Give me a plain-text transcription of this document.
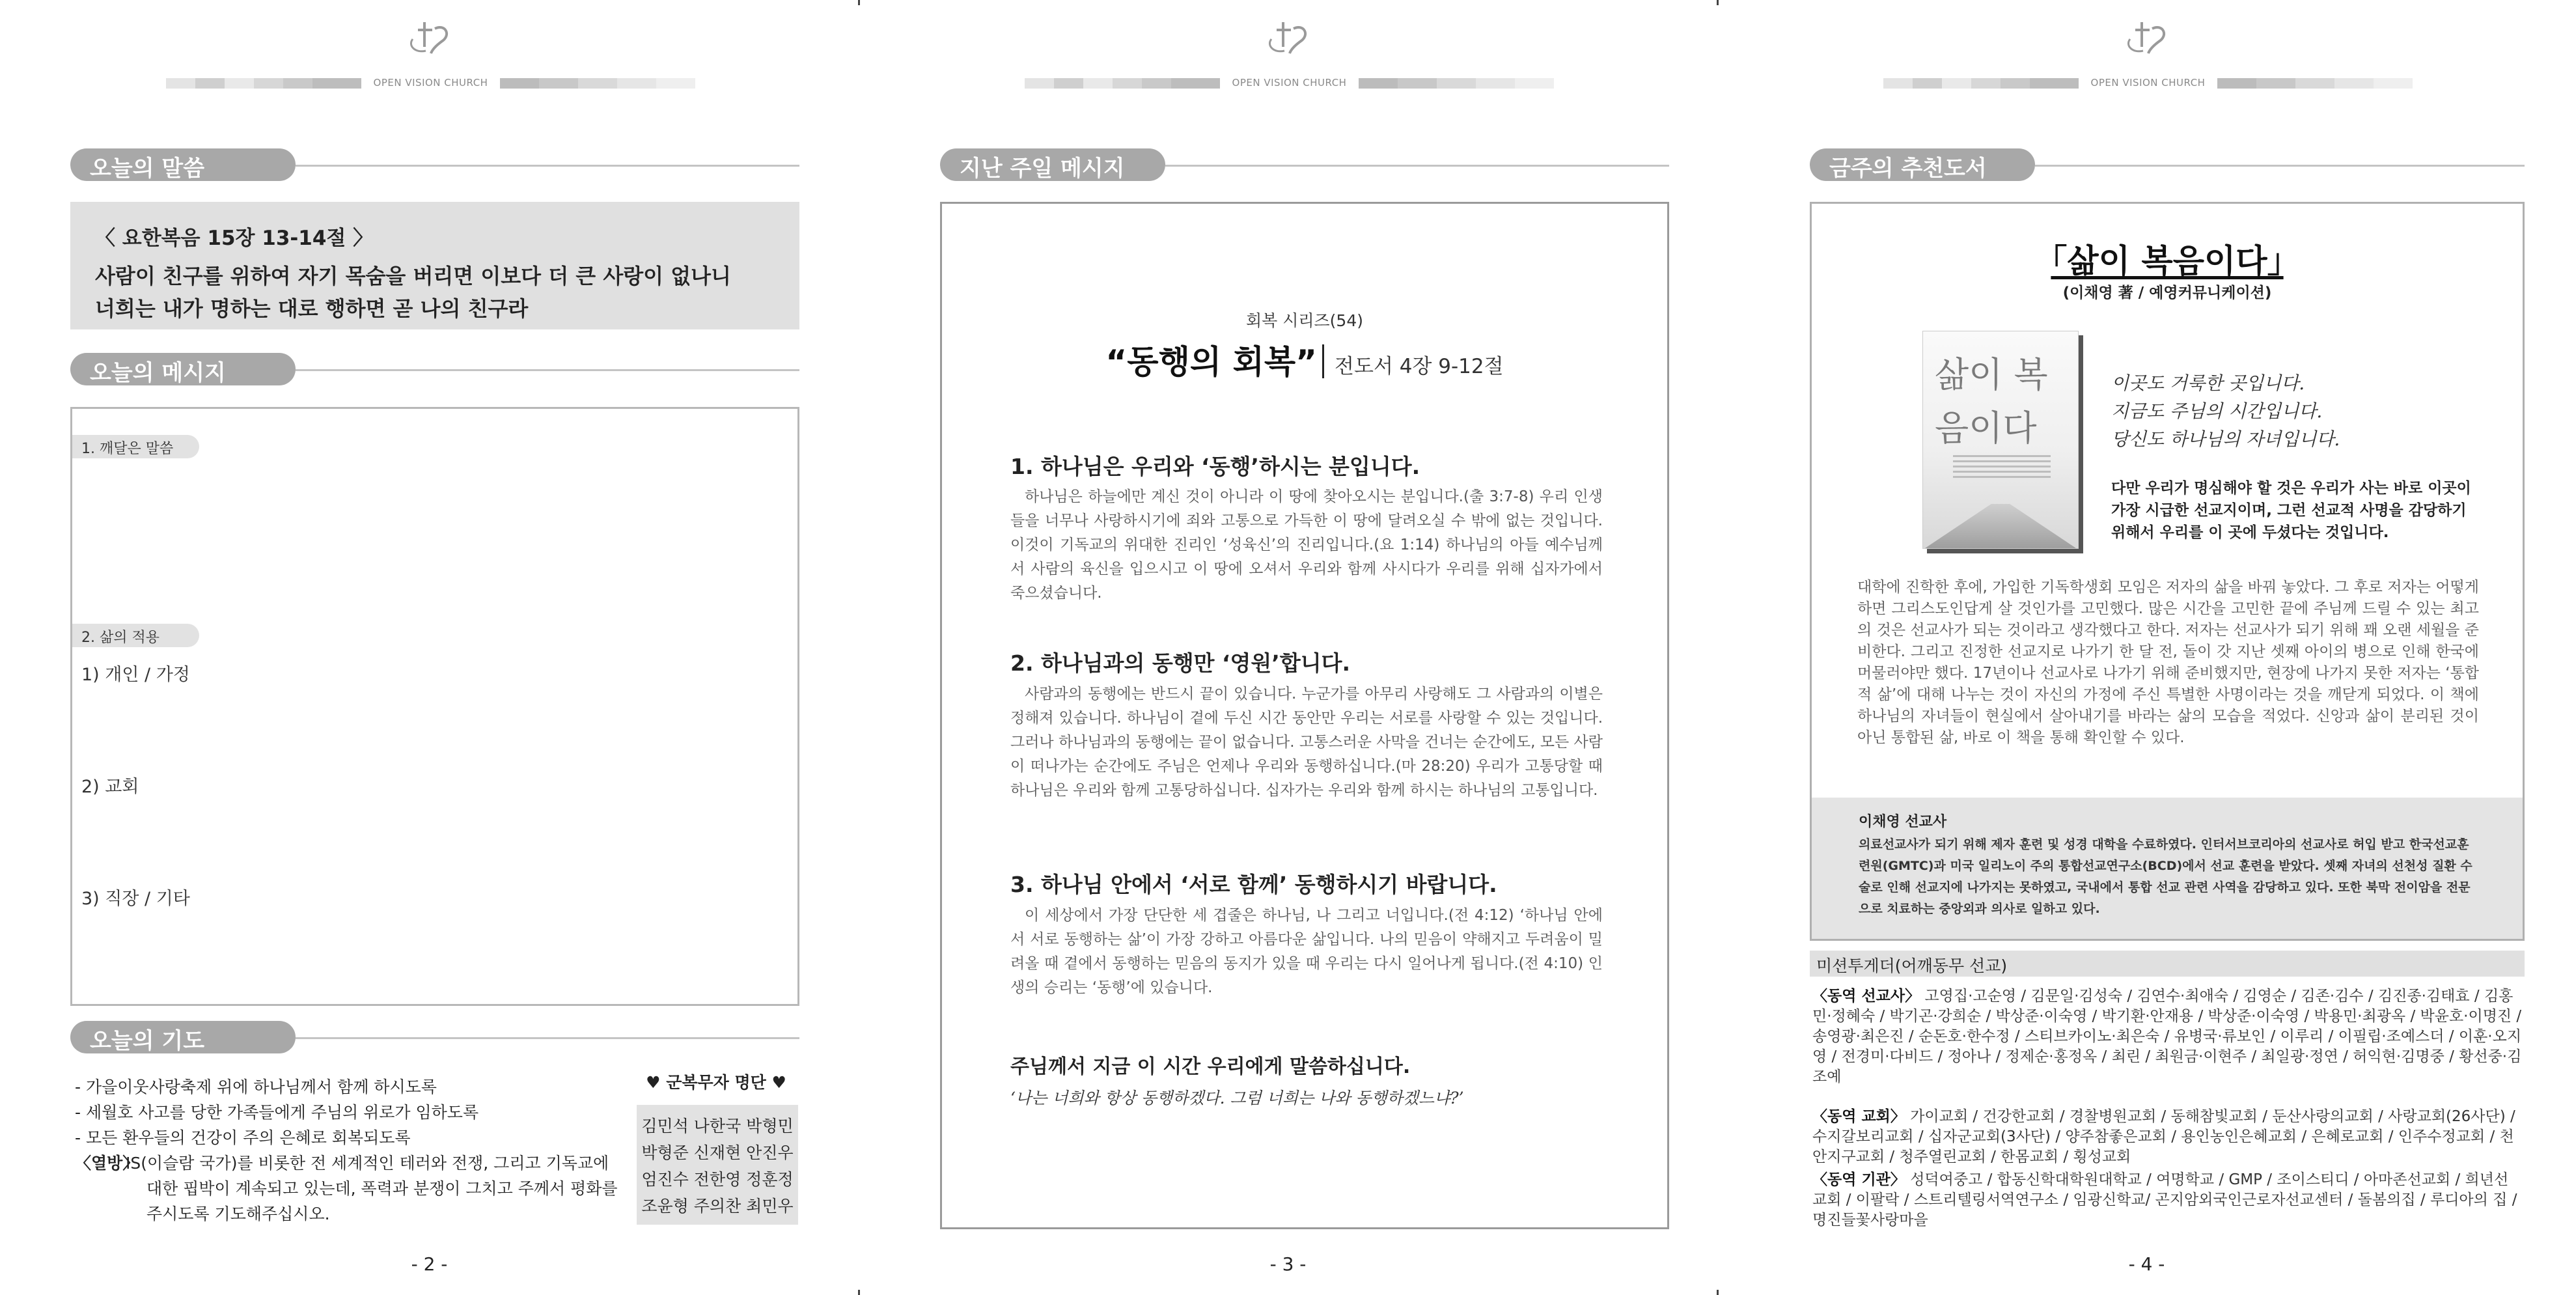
OPEN VISION CHURCH
오늘의 말씀
〈 요한복음 15장 13-14절 〉
사람이 친구를 위하여 자기 목숨을 버리면 이보다 더 큰 사랑이 없나니
너희는 내가 명하는 대로 행하면 곧 나의 친구라
오늘의 메시지
1. 깨달은 말씀
2. 삶의 적용
1) 개인 / 가정
2) 교회
3) 직장 / 기타
오늘의 기도
- 가을이웃사랑축제 위에 하나님께서 함께 하시도록
- 세월호 사고를 당한 가족들에게 주님의 위로가 임하도록
- 모든 환우들의 건강이 주의 은혜로 회복되도록
〈열방〉
IS(이슬람 국가)를 비롯한 전 세계적인 테러와 전쟁, 그리고 기독교에
대한 핍박이 계속되고 있는데, 폭력과 분쟁이 그치고 주께서 평화를
주시도록 기도해주십시오.
♥ 군복무자 명단 ♥
김민석 나한국 박형민
박형준 신재현 안진우
엄진수 전한영 정훈정
조윤형 주의찬 최민우
- 2 -
OPEN VISION CHURCH
지난 주일 메시지
회복 시리즈(54)
“동행의 회복” 전도서 4장 9-12절
1. 하나님은 우리와 ‘동행’하시는 분입니다.
하나님은 하늘에만 계신 것이 아니라 이 땅에 찾아오시는 분입니다.(출 3:7-8) 우리 인생들을 너무나 사랑하시기에 죄와 고통으로 가득한 이 땅에 달려오실 수 밖에 없는 것입니다. 이것이 기독교의 위대한 진리인 ‘성육신’의 진리입니다.(요 1:14) 하나님의 아들 예수님께서 사람의 육신을 입으시고 이 땅에 오셔서 우리와 함께 사시다가 우리를 위해 십자가에서 죽으셨습니다.
2. 하나님과의 동행만 ‘영원’합니다.
사람과의 동행에는 반드시 끝이 있습니다. 누군가를 아무리 사랑해도 그 사람과의 이별은 정해져 있습니다. 하나님이 곁에 두신 시간 동안만 우리는 서로를 사랑할 수 있는 것입니다. 그러나 하나님과의 동행에는 끝이 없습니다. 고통스러운 사막을 건너는 순간에도, 모든 사람이 떠나가는 순간에도 주님은 언제나 우리와 동행하십니다.(마 28:20) 우리가 고통당할 때 하나님은 우리와 함께 고통당하십니다. 십자가는 우리와 함께 하시는 하나님의 고통입니다.
3. 하나님 안에서 ‘서로 함께’ 동행하시기 바랍니다.
이 세상에서 가장 단단한 세 겹줄은 하나님, 나 그리고 너입니다.(전 4:12) ‘하나님 안에서 서로 동행하는 삶’이 가장 강하고 아름다운 삶입니다. 나의 믿음이 약해지고 두려움이 밀려올 때 곁에서 동행하는 믿음의 동지가 있을 때 우리는 다시 일어나게 됩니다.(전 4:10) 인생의 승리는 ‘동행’에 있습니다.
주님께서 지금 이 시간 우리에게 말씀하십니다.
‘나는 너희와 항상 동행하겠다. 그럼 너희는 나와 동행하겠느냐?’
- 3 -
OPEN VISION CHURCH
금주의 추천도서
｢삶이 복음이다｣
(이채영 著 / 예영커뮤니케이션)
삶이 복음이다
이곳도 거룩한 곳입니다.
지금도 주님의 시간입니다.
당신도 하나님의 자녀입니다.
다만 우리가 명심해야 할 것은 우리가 사는 바로 이곳이 가장 시급한 선교지이며, 그런 선교적 사명을 감당하기 위해서 우리를 이 곳에 두셨다는 것입니다.
대학에 진학한 후에, 가입한 기독학생회 모임은 저자의 삶을 바꿔 놓았다. 그 후로 저자는 어떻게 하면 그리스도인답게 살 것인가를 고민했다. 많은 시간을 고민한 끝에 주님께 드릴 수 있는 최고의 것은 선교사가 되는 것이라고 생각했다고 한다. 저자는 선교사가 되기 위해 꽤 오랜 세월을 준비한다. 그리고 진정한 선교지로 나가기 한 달 전, 돌이 갓 지난 셋째 아이의 병으로 인해 한국에 머물러야만 했다. 17년이나 선교사로 나가기 위해 준비했지만, 현장에 나가지 못한 저자는 ‘통합적 삶’에 대해 나누는 것이 자신의 가정에 주신 특별한 사명이라는 것을 깨닫게 되었다. 이 책에 하나님의 자녀들이 현실에서 살아내기를 바라는 삶의 모습을 적었다. 신앙과 삶이 분리된 것이 아닌 통합된 삶, 바로 이 책을 통해 확인할 수 있다.
이채영 선교사
의료선교사가 되기 위해 제자 훈련 및 성경 대학을 수료하였다. 인터서브코리아의 선교사로 허입 받고 한국선교훈련원(GMTC)과 미국 일리노이 주의 통합선교연구소(BCD)에서 선교 훈련을 받았다. 셋째 자녀의 선천성 질환 수술로 인해 선교지에 나가지는 못하였고, 국내에서 통합 선교 관련 사역을 감당하고 있다. 또한 북막 전이암을 전문으로 치료하는 중앙외과 의사로 일하고 있다.
미션투게더(어깨동무 선교)
〈동역 선교사〉 고영집·고순영 / 김문일·김성숙 / 김연수·최애숙 / 김영순 / 김존·김수 / 김진종·김태효 / 김홍민·정혜숙 / 박기곤·강희순 / 박상준·이숙영 / 박기환·안재용 / 박상준·이숙영 / 박용민·최광옥 / 박윤호·이명진 / 송영광·최은진 / 순돈호·한수정 / 스티브카이노·최은숙 / 유병국·류보인 / 이루리 / 이필립·조예스더 / 이훈·오지영 / 전경미·다비드 / 정아나 / 정제순·홍정옥 / 최린 / 최원금·이현주 / 최일광·정연 / 허익현·김명중 / 황선중·김조예
〈동역 교회〉 가이교회 / 건강한교회 / 경찰병원교회 / 동해참빛교회 / 둔산사랑의교회 / 사랑교회(26사단) / 수지갈보리교회 / 십자군교회(3사단) / 양주참좋은교회 / 용인농인은혜교회 / 은혜로교회 / 인주수정교회 / 천안지구교회 / 청주열린교회 / 한몸교회 / 횡성교회
〈동역 기관〉 성덕여중고 / 합동신학대학원대학교 / 여명학교 / GMP / 조이스티디 / 아마존선교회 / 희년선교회 / 이팔락 / 스트리텔링서역연구소 / 임광신학교/ 곤지암외국인근로자선교센터 / 돌봄의집 / 루디아의 집 / 명진들꽃사랑마을
- 4 -
